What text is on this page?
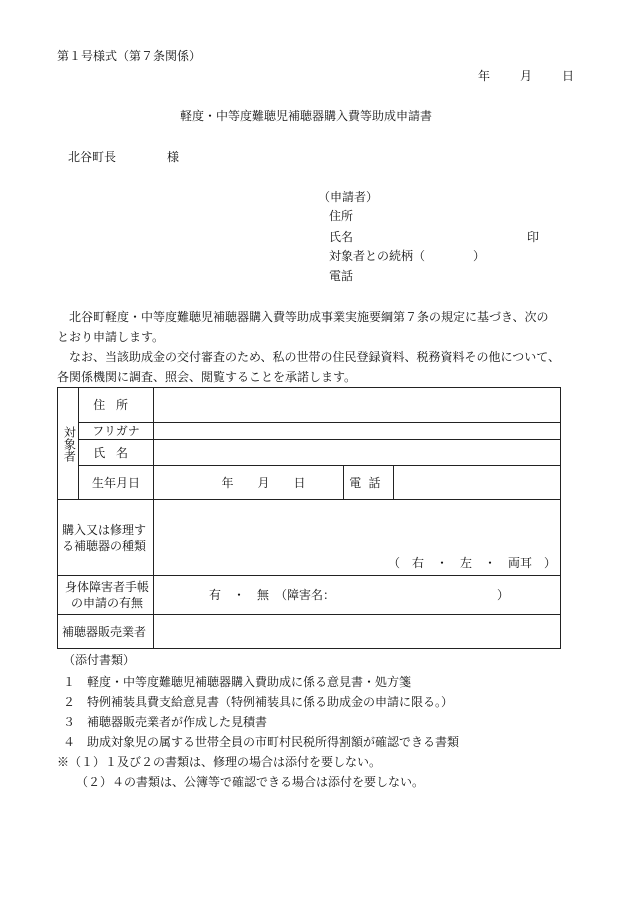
第１号様式（第７条関係）
年	月	日
軽度・中等度難聴児補聴器購入費等助成申請書
北谷町長	様
（申請者）
住所
氏名	印
対象者との続柄（　　　　）
電話
北谷町軽度・中等度難聴児補聴器購入費等助成事業実施要綱第７条の規定に基づき、次の
とおり申請します。
なお、当該助成金の交付審査のため、私の世帯の住民登録資料、税務資料その他について、
各関係機関に調査、照会、閲覧することを承諾します。
対象者	住所			
	フリガナ			
	氏名			
	生年月日	年　　月　　日	電話	

購入又は修理する補聴器の種類		（　右　・　左　・　両耳　）		

身体障害者手帳の申請の有無		有　・　無　（障害名：　　　　　　　　　　　　　　）		
補聴器販売業者				
（添付書類）
１　軽度・中等度難聴児補聴器購入費助成に係る意見書・処方箋
２　特例補装具費支給意見書（特例補装具に係る助成金の申請に限る。）
３　補聴器販売業者が作成した見積書
４　助成対象児の属する世帯全員の市町村民税所得割額が確認できる書類
※（１）１及び２の書類は、修理の場合は添付を要しない。
（２）４の書類は、公簿等で確認できる場合は添付を要しない。
